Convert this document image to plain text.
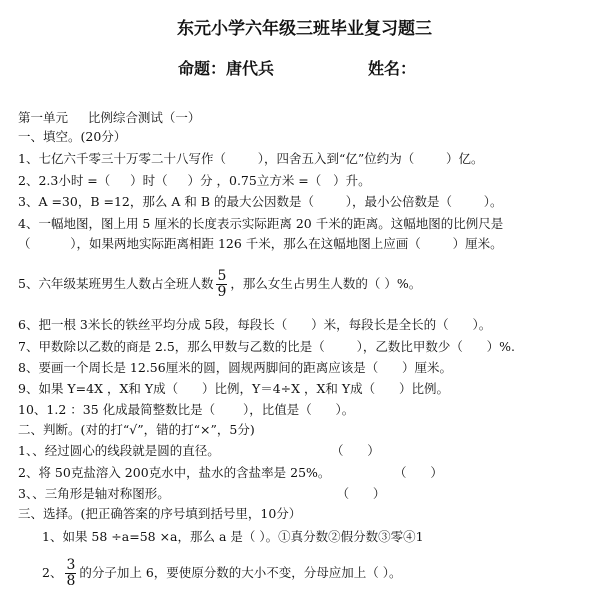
东元小学六年级三班毕业复习题三
命题：唐代兵	姓名：
第一单元     比例综合测试（一）
一、填空。(20分）
1、七亿六千零三十万零二十八写作（        ），四舍五入到“亿”位约为（        ）亿。
2、2.3小时 =（     ）时（     ）分 ，0.75立方米 =（   ）升。
3、A =30，B =12，那么 A 和 B 的最大公因数是（        ），最小公倍数是（        ）。
4、一幅地图，图上用 5 厘米的长度表示实际距离 20 千米的距离。这幅地图的比例尺是
（          ），如果两地实际距离相距 126 千米，那么在这幅地图上应画（        ）厘米。
5、六年级某班男生人数占全班人数 $\frac{5}{9}$ ，那么女生占男生人数的（ ）%。
6、把一根 3米长的铁丝平均分成 5段，每段长（      ）米，每段长是全长的（      ）。
7、甲数除以乙数的商是 2.5，那么甲数与乙数的比是（        ），乙数比甲数少（      ）%.
8、要画一个周长是 12.56厘米的圆，圆规两脚间的距离应该是（      ）厘米。
9、如果 Y=4X ，X和 Y成（      ）比例，Y＝4÷X ，X和 Y成（      ）比例。
10、1.2 ：35 化成最简整数比是（       ），比值是（      ）。
二、判断。(对的打“√”，错的打“×”，5分)
1、、经过圆心的线段就是圆的直径。                            （      ）
2、将 50克盐溶入 200克水中，盐水的含盐率是 25%。                （      ）
3、、三角形是轴对称图形。                                          （      ）
三、选择。(把正确答案的序号填到括号里，10分）
1、如果 58 ÷a=58 ×a，那么 a 是（ ）。①真分数②假分数③零④1
2、 $\frac{3}{8}$ 的分子加上 6，要使原分数的大小不变，分母应加上（ ）。
